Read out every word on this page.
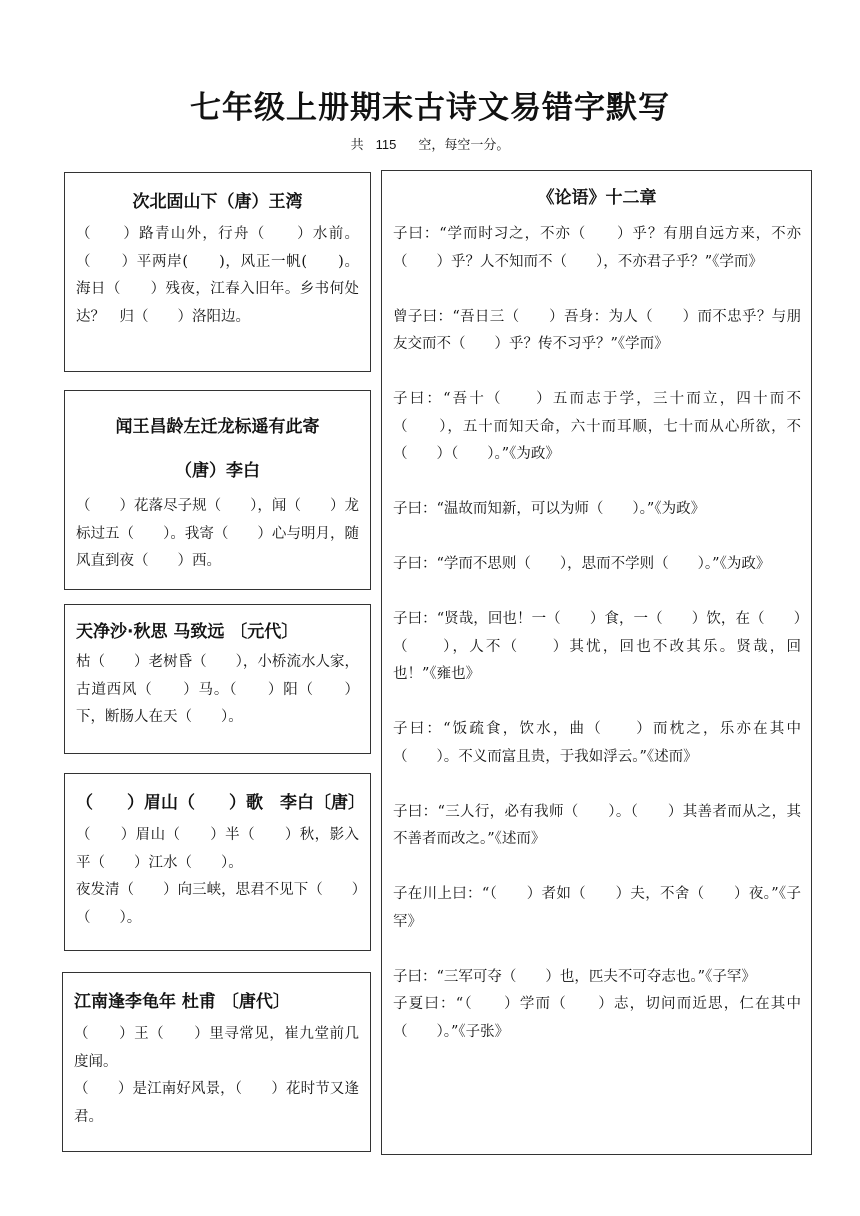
七年级上册期末古诗文易错字默写
共 115 空，每空一分。
次北固山下（唐）王湾
（　　）路青山外，行舟（　　）水前。（　　）平两岸(　　)，风正一帆(　　)。海日（　　）残夜，江春入旧年。乡书何处达？　归（　　）洛阳边。
闻王昌龄左迁龙标遥有此寄
（唐）李白
（　　）花落尽子规（　　），闻（　　）龙标过五（　　）。我寄（　　）心与明月，随风直到夜（　　）西。
天净沙·秋思 马致远 〔元代〕
枯（　　）老树昏（　　），小桥流水人家，古道西风（　　）马。（　　）阳（　　）下，断肠人在天（　　）。
（　　）眉山（　　）歌　李白〔唐〕
（　　）眉山（　　）半（　　）秋，影入平（　　）江水（　　）。
夜发清（　　）向三峡，思君不见下（　　）（　　）。
江南逢李龟年 杜甫 〔唐代〕
（　　）王（　　）里寻常见，崔九堂前几度闻。
（　　）是江南好风景，（　　）花时节又逢君。
《论语》十二章
子曰：“学而时习之，不亦（　　）乎？有朋自远方来，不亦（　　）乎？人不知而不（　　），不亦君子乎？”《学而》
曾子曰：“吾日三（　　）吾身：为人（　　）而不忠乎？与朋友交而不（　　）乎？传不习乎？”《学而》
子曰：“吾十（　　）五而志于学，三十而立，四十而不（　　），五十而知天命，六十而耳顺，七十而从心所欲，不（　　）（　　）。”《为政》
子曰：“温故而知新，可以为师（　　）。”《为政》
子曰：“学而不思则（　　），思而不学则（　　）。”《为政》
子曰：“贤哉，回也！一（　　）食，一（　　）饮，在（　　）（　　），人不（　　）其忧，回也不改其乐。贤哉，回也！”《雍也》
子曰：“饭疏食，饮水，曲（　　）而枕之，乐亦在其中（　　）。不义而富且贵，于我如浮云。”《述而》
子曰：“三人行，必有我师（　　）。（　　）其善者而从之，其不善者而改之。”《述而》
子在川上曰：“（　　）者如（　　）夫，不舍（　　）夜。”《子罕》
子曰：“三军可夺（　　）也，匹夫不可夺志也。”《子罕》
子夏曰：“（　　）学而（　　）志，切问而近思，仁在其中（　　）。”《子张》
